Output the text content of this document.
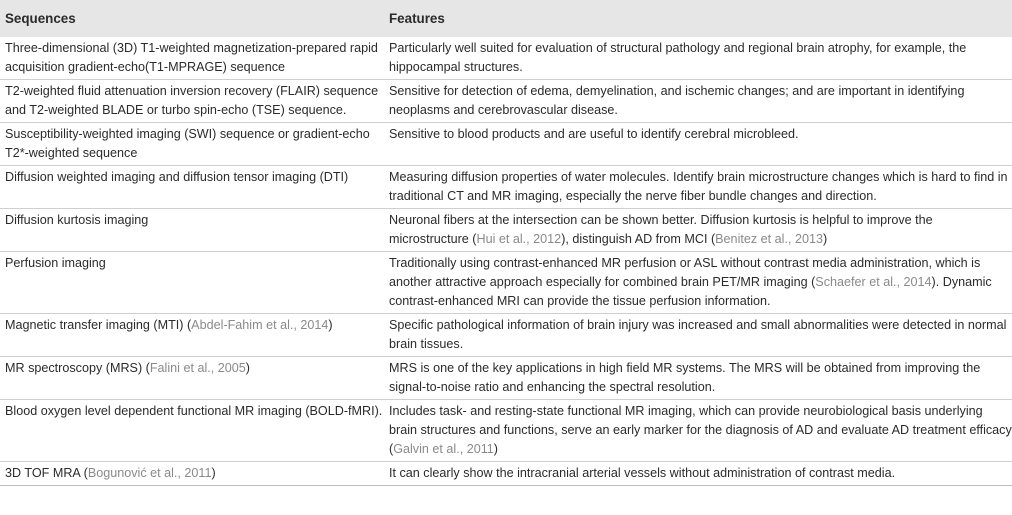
Sequences	Features
Three-dimensional (3D) T1-weighted magnetization-prepared rapid acquisition gradient-echo(T1-MPRAGE) sequence	Particularly well suited for evaluation of structural pathology and regional brain atrophy, for example, the hippocampal structures.
T2-weighted fluid attenuation inversion recovery (FLAIR) sequence and T2-weighted BLADE or turbo spin-echo (TSE) sequence.	Sensitive for detection of edema, demyelination, and ischemic changes; and are important in identifying neoplasms and cerebrovascular disease.
Susceptibility-weighted imaging (SWI) sequence or gradient-echo T2*-weighted sequence	Sensitive to blood products and are useful to identify cerebral microbleed.
Diffusion weighted imaging and diffusion tensor imaging (DTI)	Measuring diffusion properties of water molecules. Identify brain microstructure changes which is hard to find in traditional CT and MR imaging, especially the nerve fiber bundle changes and direction.
Diffusion kurtosis imaging	Neuronal fibers at the intersection can be shown better. Diffusion kurtosis is helpful to improve the microstructure (Hui et al., 2012), distinguish AD from MCI (Benitez et al., 2013)
Perfusion imaging	Traditionally using contrast-enhanced MR perfusion or ASL without contrast media administration, which is another attractive approach especially for combined brain PET/MR imaging (Schaefer et al., 2014). Dynamic contrast-enhanced MRI can provide the tissue perfusion information.
Magnetic transfer imaging (MTI) (Abdel-Fahim et al., 2014)	Specific pathological information of brain injury was increased and small abnormalities were detected in normal brain tissues.
MR spectroscopy (MRS) (Falini et al., 2005)	MRS is one of the key applications in high field MR systems. The MRS will be obtained from improving the signal-to-noise ratio and enhancing the spectral resolution.
Blood oxygen level dependent functional MR imaging (BOLD-fMRI).	Includes task- and resting-state functional MR imaging, which can provide neurobiological basis underlying brain structures and functions, serve an early marker for the diagnosis of AD and evaluate AD treatment efficacy (Galvin et al., 2011)
3D TOF MRA (Bogunović et al., 2011)	It can clearly show the intracranial arterial vessels without administration of contrast media.
